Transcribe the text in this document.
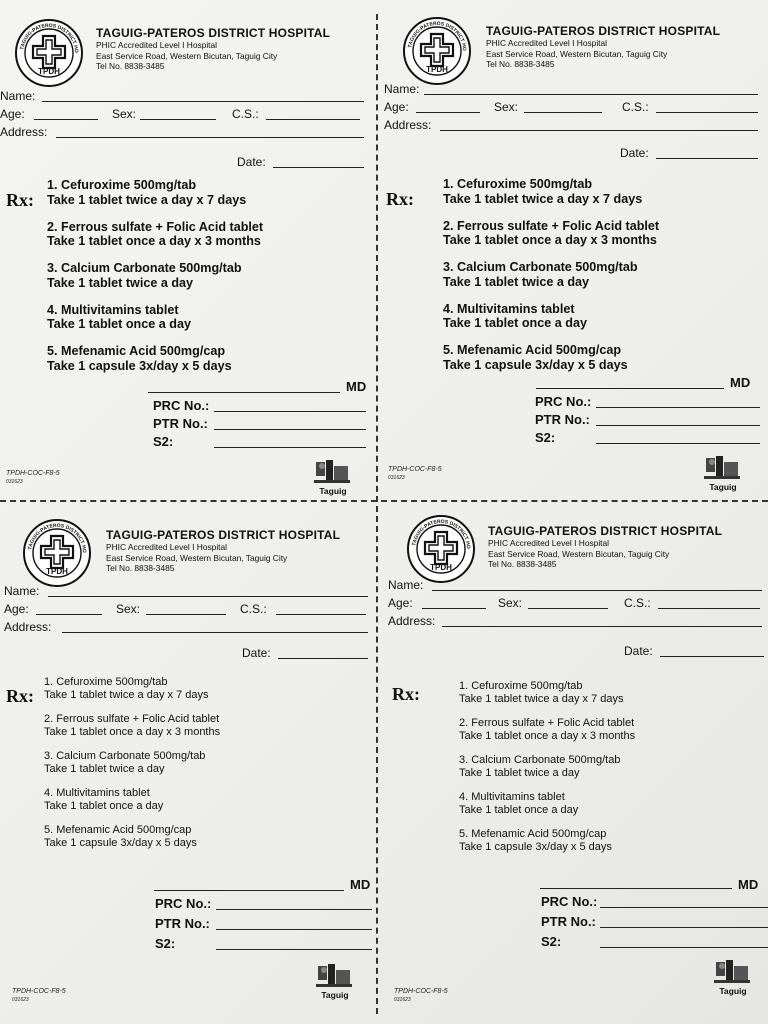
TAGUIG-PATEROS DISTRICT HO
TPDH
TAGUIG-PATEROS DISTRICT HOSPITAL
PHIC Accredited Level I Hospital
East Service Road, Western Bicutan, Taguig City
Tel No. 8838-3485
Name:
Age:	Sex:	C.S.:
Address:
Date:
Rx:
1. Cefuroxime 500mg/tab
Take 1 tablet twice a day x 7 days
2. Ferrous sulfate + Folic Acid tablet
Take 1 tablet once a day x 3 months
3. Calcium Carbonate 500mg/tab
Take 1 tablet twice a day
4. Multivitamins tablet
Take 1 tablet once a day
5. Mefenamic Acid 500mg/cap
Take 1 capsule 3x/day x 5 days
MD
PRC No.:
PTR No.:
S2:
TPDH-COC-F8-5
031623
Taguig
TAGUIG-PATEROS DISTRICT HO
TPDH
TAGUIG-PATEROS DISTRICT HOSPITAL
PHIC Accredited Level I Hospital
East Service Road, Western Bicutan, Taguig City
Tel No. 8838-3485
Name:
Age:	Sex:	C.S.:
Address:
Date:
Rx:
1. Cefuroxime 500mg/tab
Take 1 tablet twice a day x 7 days
2. Ferrous sulfate + Folic Acid tablet
Take 1 tablet once a day x 3 months
3. Calcium Carbonate 500mg/tab
Take 1 tablet twice a day
4. Multivitamins tablet
Take 1 tablet once a day
5. Mefenamic Acid 500mg/cap
Take 1 capsule 3x/day x 5 days
MD
PRC No.:
PTR No.:
S2:
TPDH-COC-F8-5
031623
Taguig
TAGUIG-PATEROS DISTRICT HO
TPDH
TAGUIG-PATEROS DISTRICT HOSPITAL
PHIC Accredited Level I Hospital
East Service Road, Western Bicutan, Taguig City
Tel No. 8838-3485
Name:
Age:	Sex:	C.S.:
Address:
Date:
Rx:
1. Cefuroxime 500mg/tab
Take 1 tablet twice a day x 7 days
2. Ferrous sulfate + Folic Acid tablet
Take 1 tablet once a day x 3 months
3. Calcium Carbonate 500mg/tab
Take 1 tablet twice a day
4. Multivitamins tablet
Take 1 tablet once a day
5. Mefenamic Acid 500mg/cap
Take 1 capsule 3x/day x 5 days
MD
PRC No.:
PTR No.:
S2:
TPDH-COC-F8-5
031623	Taguig
TAGUIG-PATEROS DISTRICT HO
TPDH
TAGUIG-PATEROS DISTRICT HOSPITAL
PHIC Accredited Level I Hospital
East Service Road, Western Bicutan, Taguig City
Tel No. 8838-3485
Name:
Age:	Sex:	C.S.:
Address:
Date:
Rx:	1. Cefuroxime 500mg/tab
Take 1 tablet twice a day x 7 days
2. Ferrous sulfate + Folic Acid tablet
Take 1 tablet once a day x 3 months
3. Calcium Carbonate 500mg/tab
Take 1 tablet twice a day
4. Multivitamins tablet
Take 1 tablet once a day
5. Mefenamic Acid 500mg/cap
Take 1 capsule 3x/day x 5 days
MD
PRC No.:
PTR No.:
S2:
TPDH-COC-F8-5
031623
Taguig
